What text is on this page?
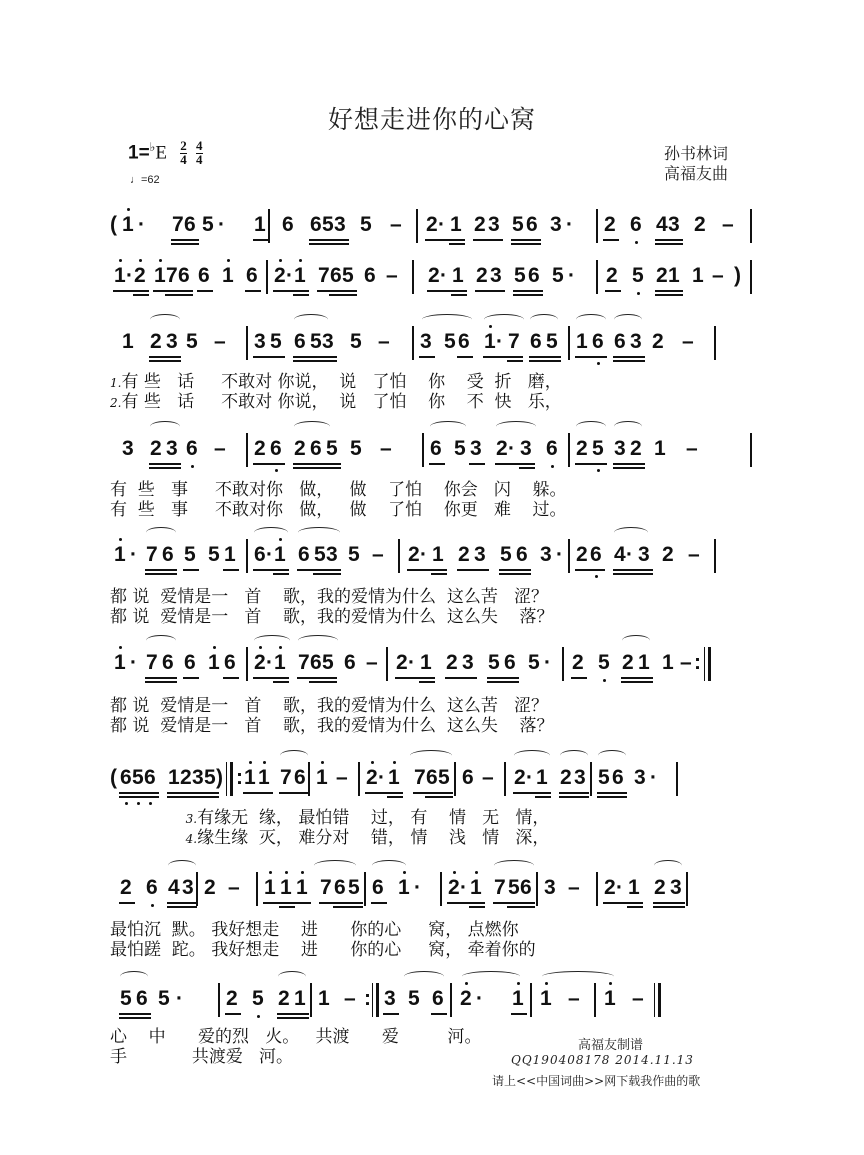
好想走进你的心窝
$1=^♭E \frac{2}{4}$
$\frac{4}{4}$
♩=62
孙书林词
高福友曲
( 1 · 7 6 5 · 1 6 6 5 3 5 – 2 · 1 2 3 5 6 3 · 2 6 4 3 2 –
1 · 2 1 7 6 6 1 6 2 · 1 7 6 5 6 – 2 · 1 2 3 5 6 5 · 2 5 2 1 1 – )
1 2 3 5 – 3 5 6 5 3 5 – 3 5 6 1 · 7 6 5 1 6 6 3 2 –
3 2 3 6 – 2 6 2 6 5 5 – 6 5 3 2 · 3 6 2 5 3 2 1 –
1 · 7 6 5 5 1 6 · 1 6 5 3 5 – 2 · 1 2 3 5 6 3 · 2 6 4 · 3 2 –
1 · 7 6 6 1 6 2 · 1 7 6 5 6 – 2 · 1 2 3 5 6 5 · 2 5 2 1 1 – :
( 6 5 6 1 2 3 5 ) : 1 1 7 6 1 – 2 · 1 7 6 5 6 – 2 · 1 2 3 5 6 3 ·
2 6 4 3 2 – 1 1 1 7 6 5 6 1 · 2 · 1 7 5 6 3 – 2 · 1 2 3
5 6 5 · 2 5 2 1 1 – : 3 5 6 2 · 1 1 – 1 –
1.有 些   话     不敢对 你说，  说   了怕    你    受  折   磨，
2.有 些   话     不敢对 你说，  说   了怕    你    不  快   乐，
有  些   事     不敢对你   做，   做    了怕    你会   闪    躲。
有  些   事     不敢对你   做，   做    了怕    你更   难    过。
都 说  爱情是一   首    歌，我的爱情为什么  这么苦   涩？
都 说  爱情是一   首    歌，我的爱情为什么  这么失    落？
都 说  爱情是一   首    歌，我的爱情为什么  这么苦   涩？
都 说  爱情是一   首    歌，我的爱情为什么  这么失    落？
3.有缘无  缘， 最怕错    过， 有    情   无   情，
4.缘生缘  灭， 难分对    错， 情    浅   情   深，
最怕沉  默。 我好想走    进      你的心     窝， 点燃你
最怕蹉  跎。 我好想走    进      你的心     窝， 牵着你的
心    中      爱的烈   火。   共渡      爱         河。
手            共渡爱   河。
高福友制谱
QQ190408178 2014.11.13
请上<<中国词曲>>网下载我作曲的歌
